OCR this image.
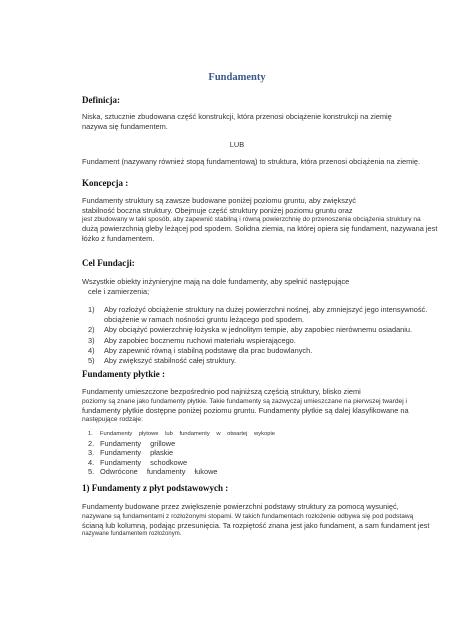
Fundamenty
Definicja:
Niska, sztucznie zbudowana część konstrukcji, która przenosi obciążenie konstrukcji na ziemię
nazywa się fundamentem.
LUB
Fundament (nazywany również stopą fundamentową) to struktura, która przenosi obciążenia na ziemię.
Koncepcja :
Fundamenty struktury są zawsze budowane poniżej poziomu gruntu, aby zwiększyć
stabilność boczna struktury. Obejmuje część struktury poniżej poziomu gruntu oraz
jest zbudowany w taki sposób, aby zapewnić stabilną i równą powierzchnię do przenoszenia obciążenia struktury na
dużą powierzchnią gleby leżącej pod spodem. Solidna ziemia, na której opiera się fundament, nazywana jest
łóżko z fundamentem.
Cel Fundacji:
Wszystkie obiekty inżynieryjne mają na dole fundamenty, aby spełnić następujące
cele i zamierzenia;
1)	Aby rozłożyć obciążenie struktury na dużej powierzchni nośnej, aby zmniejszyć jego intensywność.
obciążenie w ramach nośności gruntu leżącego pod spodem.
2)	Aby obciążyć powierzchnię łożyska w jednolitym tempie, aby zapobiec nierównemu osiadaniu.
3)	Aby zapobiec bocznemu ruchowi materiału wspierającego.
4)	Aby zapewnić równą i stabilną podstawę dla prac budowlanych.
5)	Aby zwiększyć stabilność całej struktury.
Fundamenty płytkie :
Fundamenty umieszczone bezpośrednio pod najniższą częścią struktury, blisko ziemi
poziomy są znane jako fundamenty płytkie. Takie fundamenty są zazwyczaj umieszczane na pierwszej twardej i
fundamenty płytkie dostępne poniżej poziomu gruntu. Fundamenty płytkie są dalej klasyfikowane na
następujące rodzaje:
1.	Fundamenty płytowe lub fundamenty w otwartej wykopie
2. Fundamenty grillowe
3. Fundamenty płaskie
4. Fundamenty schodkowe
5. Odwrócone fundamenty łukowe
1) Fundamenty z płyt podstawowych :
Fundamenty budowane przez zwiększenie powierzchni podstawy struktury za pomocą wysunięć,
nazywane są fundamentami z rozłożonymi stopami. W takich fundamentach rozłożenie odbywa się pod podstawą
ścianą lub kolumną, podając przesunięcia. Ta rozpiętość znana jest jako fundament, a sam fundament jest
nazywane fundamentem rozłożonym.
